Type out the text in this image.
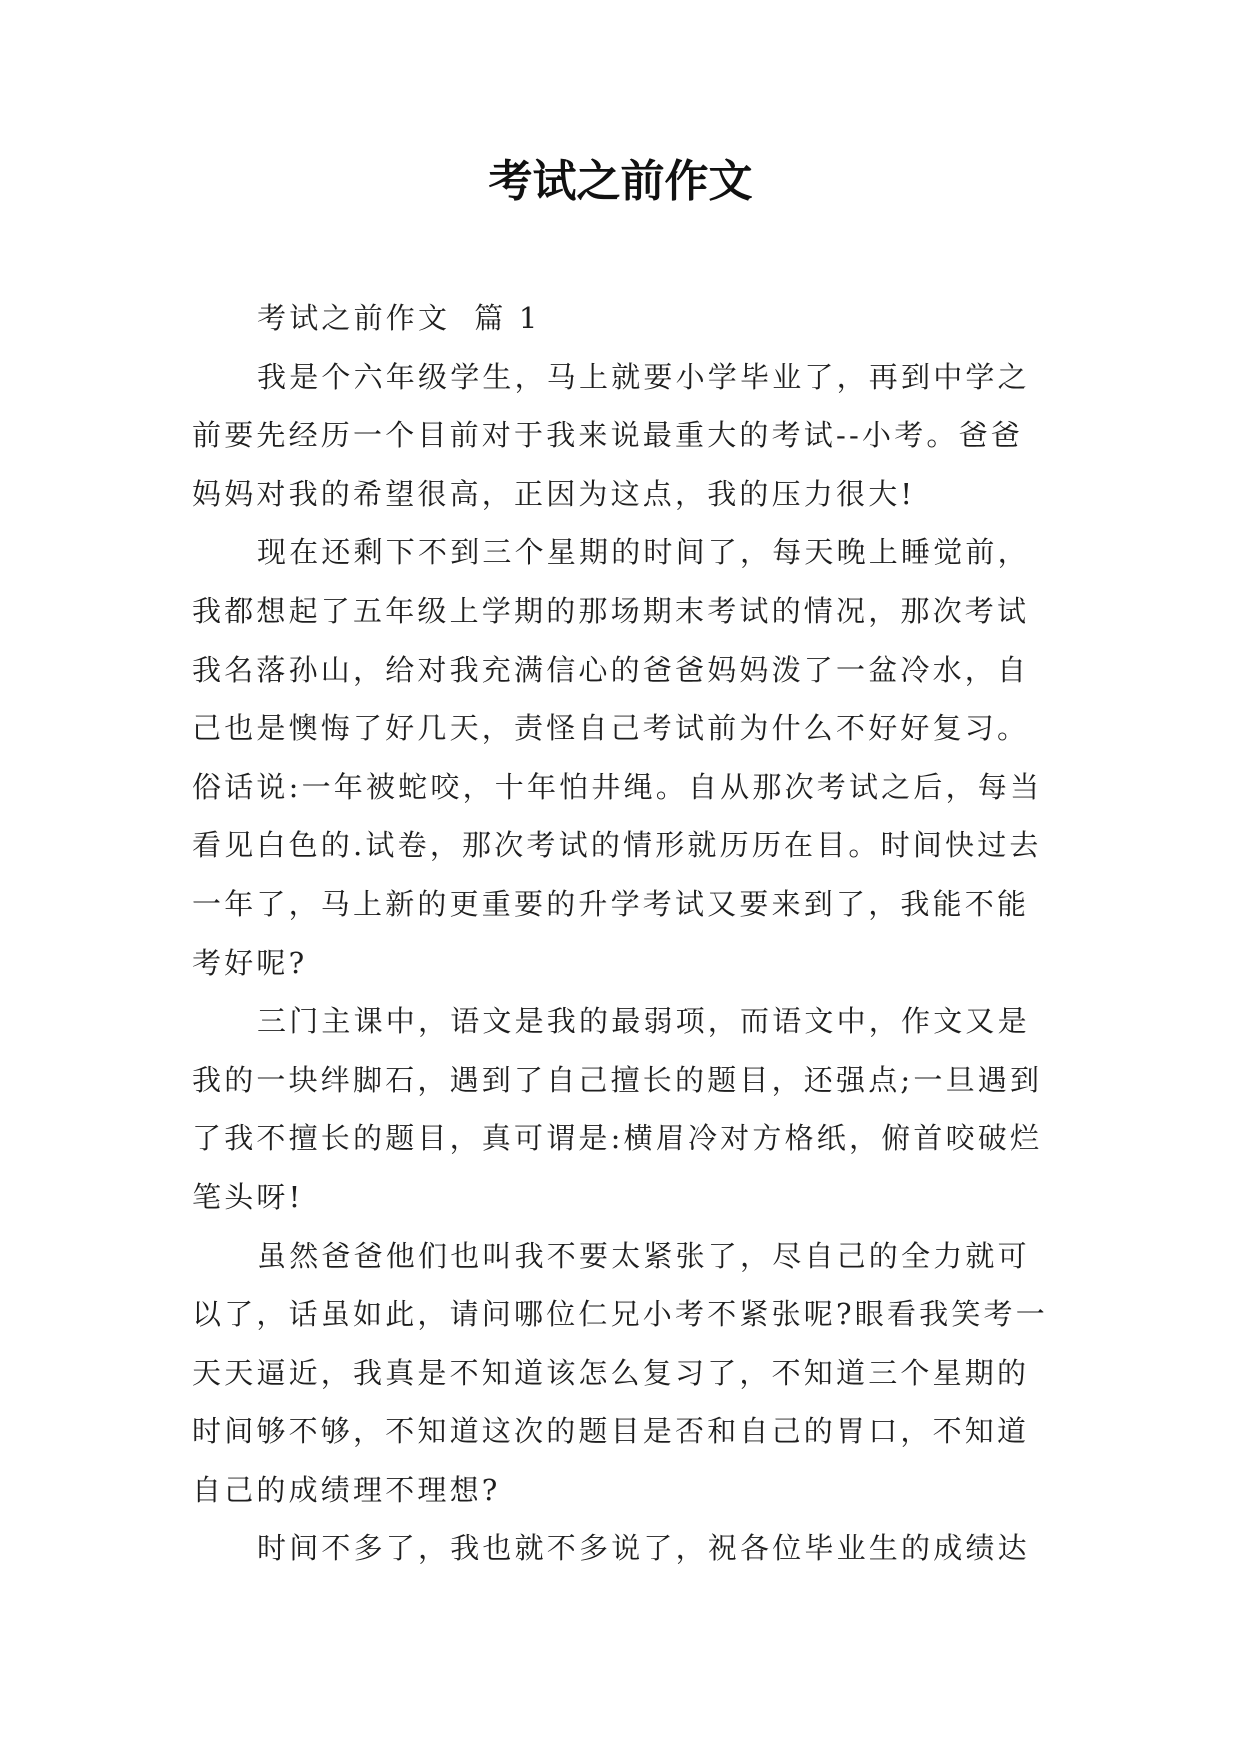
考试之前作文
考试之前作文 篇 1

我是个六年级学生，马上就要小学毕业了，再到中学之前要先经历一个目前对于我来说最重大的考试--小考。爸爸妈妈对我的希望很高，正因为这点，我的压力很大!

现在还剩下不到三个星期的时间了，每天晚上睡觉前，我都想起了五年级上学期的那场期末考试的情况，那次考试我名落孙山，给对我充满信心的爸爸妈妈泼了一盆冷水，自己也是懊悔了好几天，责怪自己考试前为什么不好好复习。俗话说:一年被蛇咬，十年怕井绳。自从那次考试之后，每当看见白色的.试卷，那次考试的情形就历历在目。时间快过去一年了，马上新的更重要的升学考试又要来到了，我能不能考好呢?

三门主课中，语文是我的最弱项，而语文中，作文又是我的一块绊脚石，遇到了自己擅长的题目，还强点;一旦遇到了我不擅长的题目，真可谓是:横眉冷对方格纸，俯首咬破烂笔头呀!

虽然爸爸他们也叫我不要太紧张了，尽自己的全力就可以了，话虽如此，请问哪位仁兄小考不紧张呢?眼看我笑考一天天逼近，我真是不知道该怎么复习了，不知道三个星期的时间够不够，不知道这次的题目是否和自己的胃口，不知道自己的成绩理不理想?

时间不多了，我也就不多说了，祝各位毕业生的成绩达
